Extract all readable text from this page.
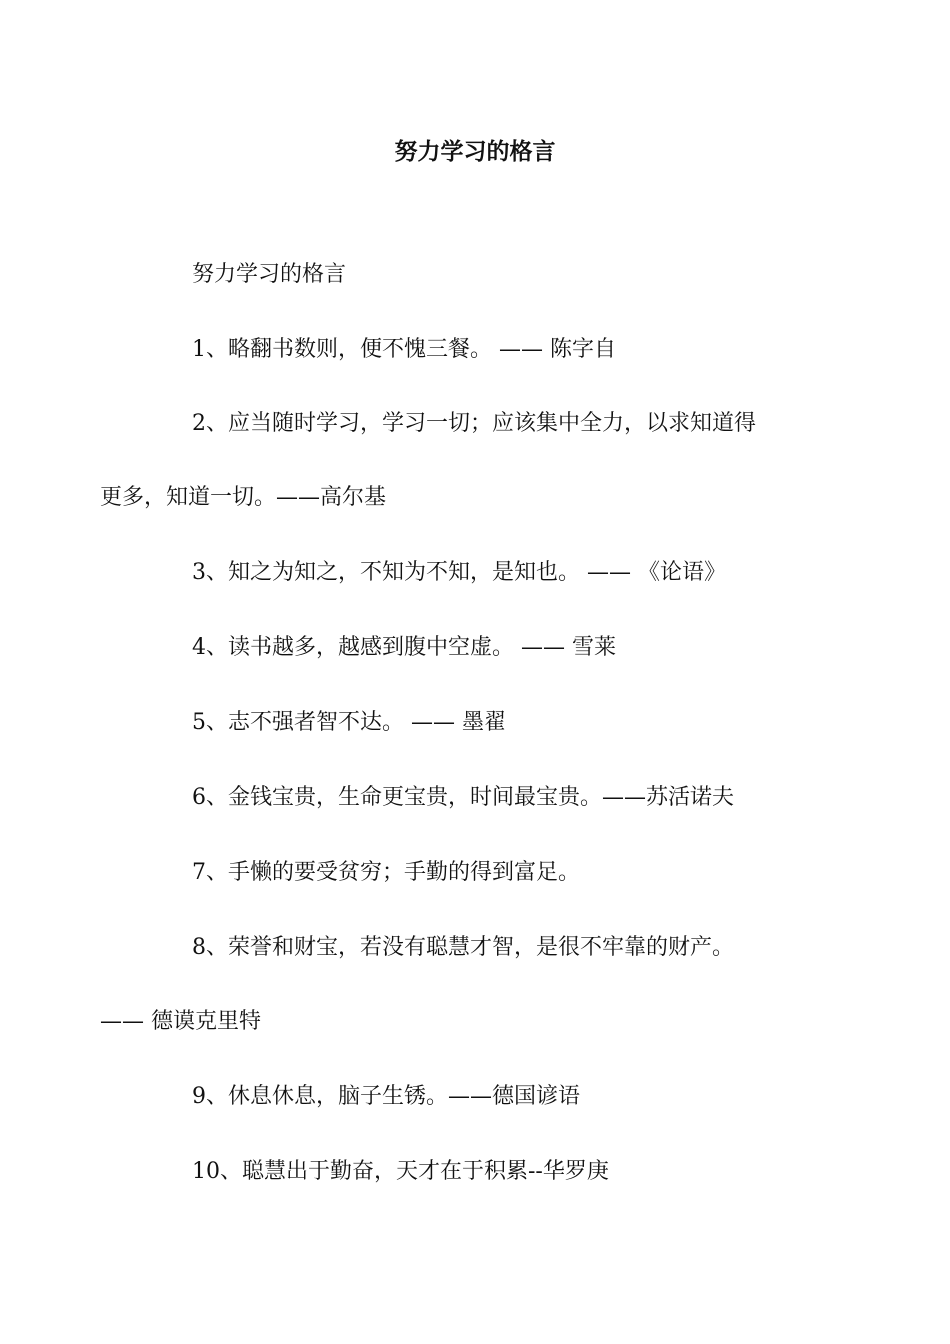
努力学习的格言
努力学习的格言
1、略翻书数则，便不愧三餐。 —— 陈字自
2、应当随时学习，学习一切；应该集中全力，以求知道得
更多，知道一切。——高尔基
3、知之为知之，不知为不知，是知也。 —— 《论语》
4、读书越多，越感到腹中空虚。 —— 雪莱
5、志不强者智不达。 —— 墨翟
6、金钱宝贵，生命更宝贵，时间最宝贵。——苏活诺夫
7、手懒的要受贫穷；手勤的得到富足。
8、荣誉和财宝，若没有聪慧才智，是很不牢靠的财产。
—— 德谟克里特
9、休息休息，脑子生锈。——德国谚语
10、聪慧出于勤奋，天才在于积累--华罗庚
